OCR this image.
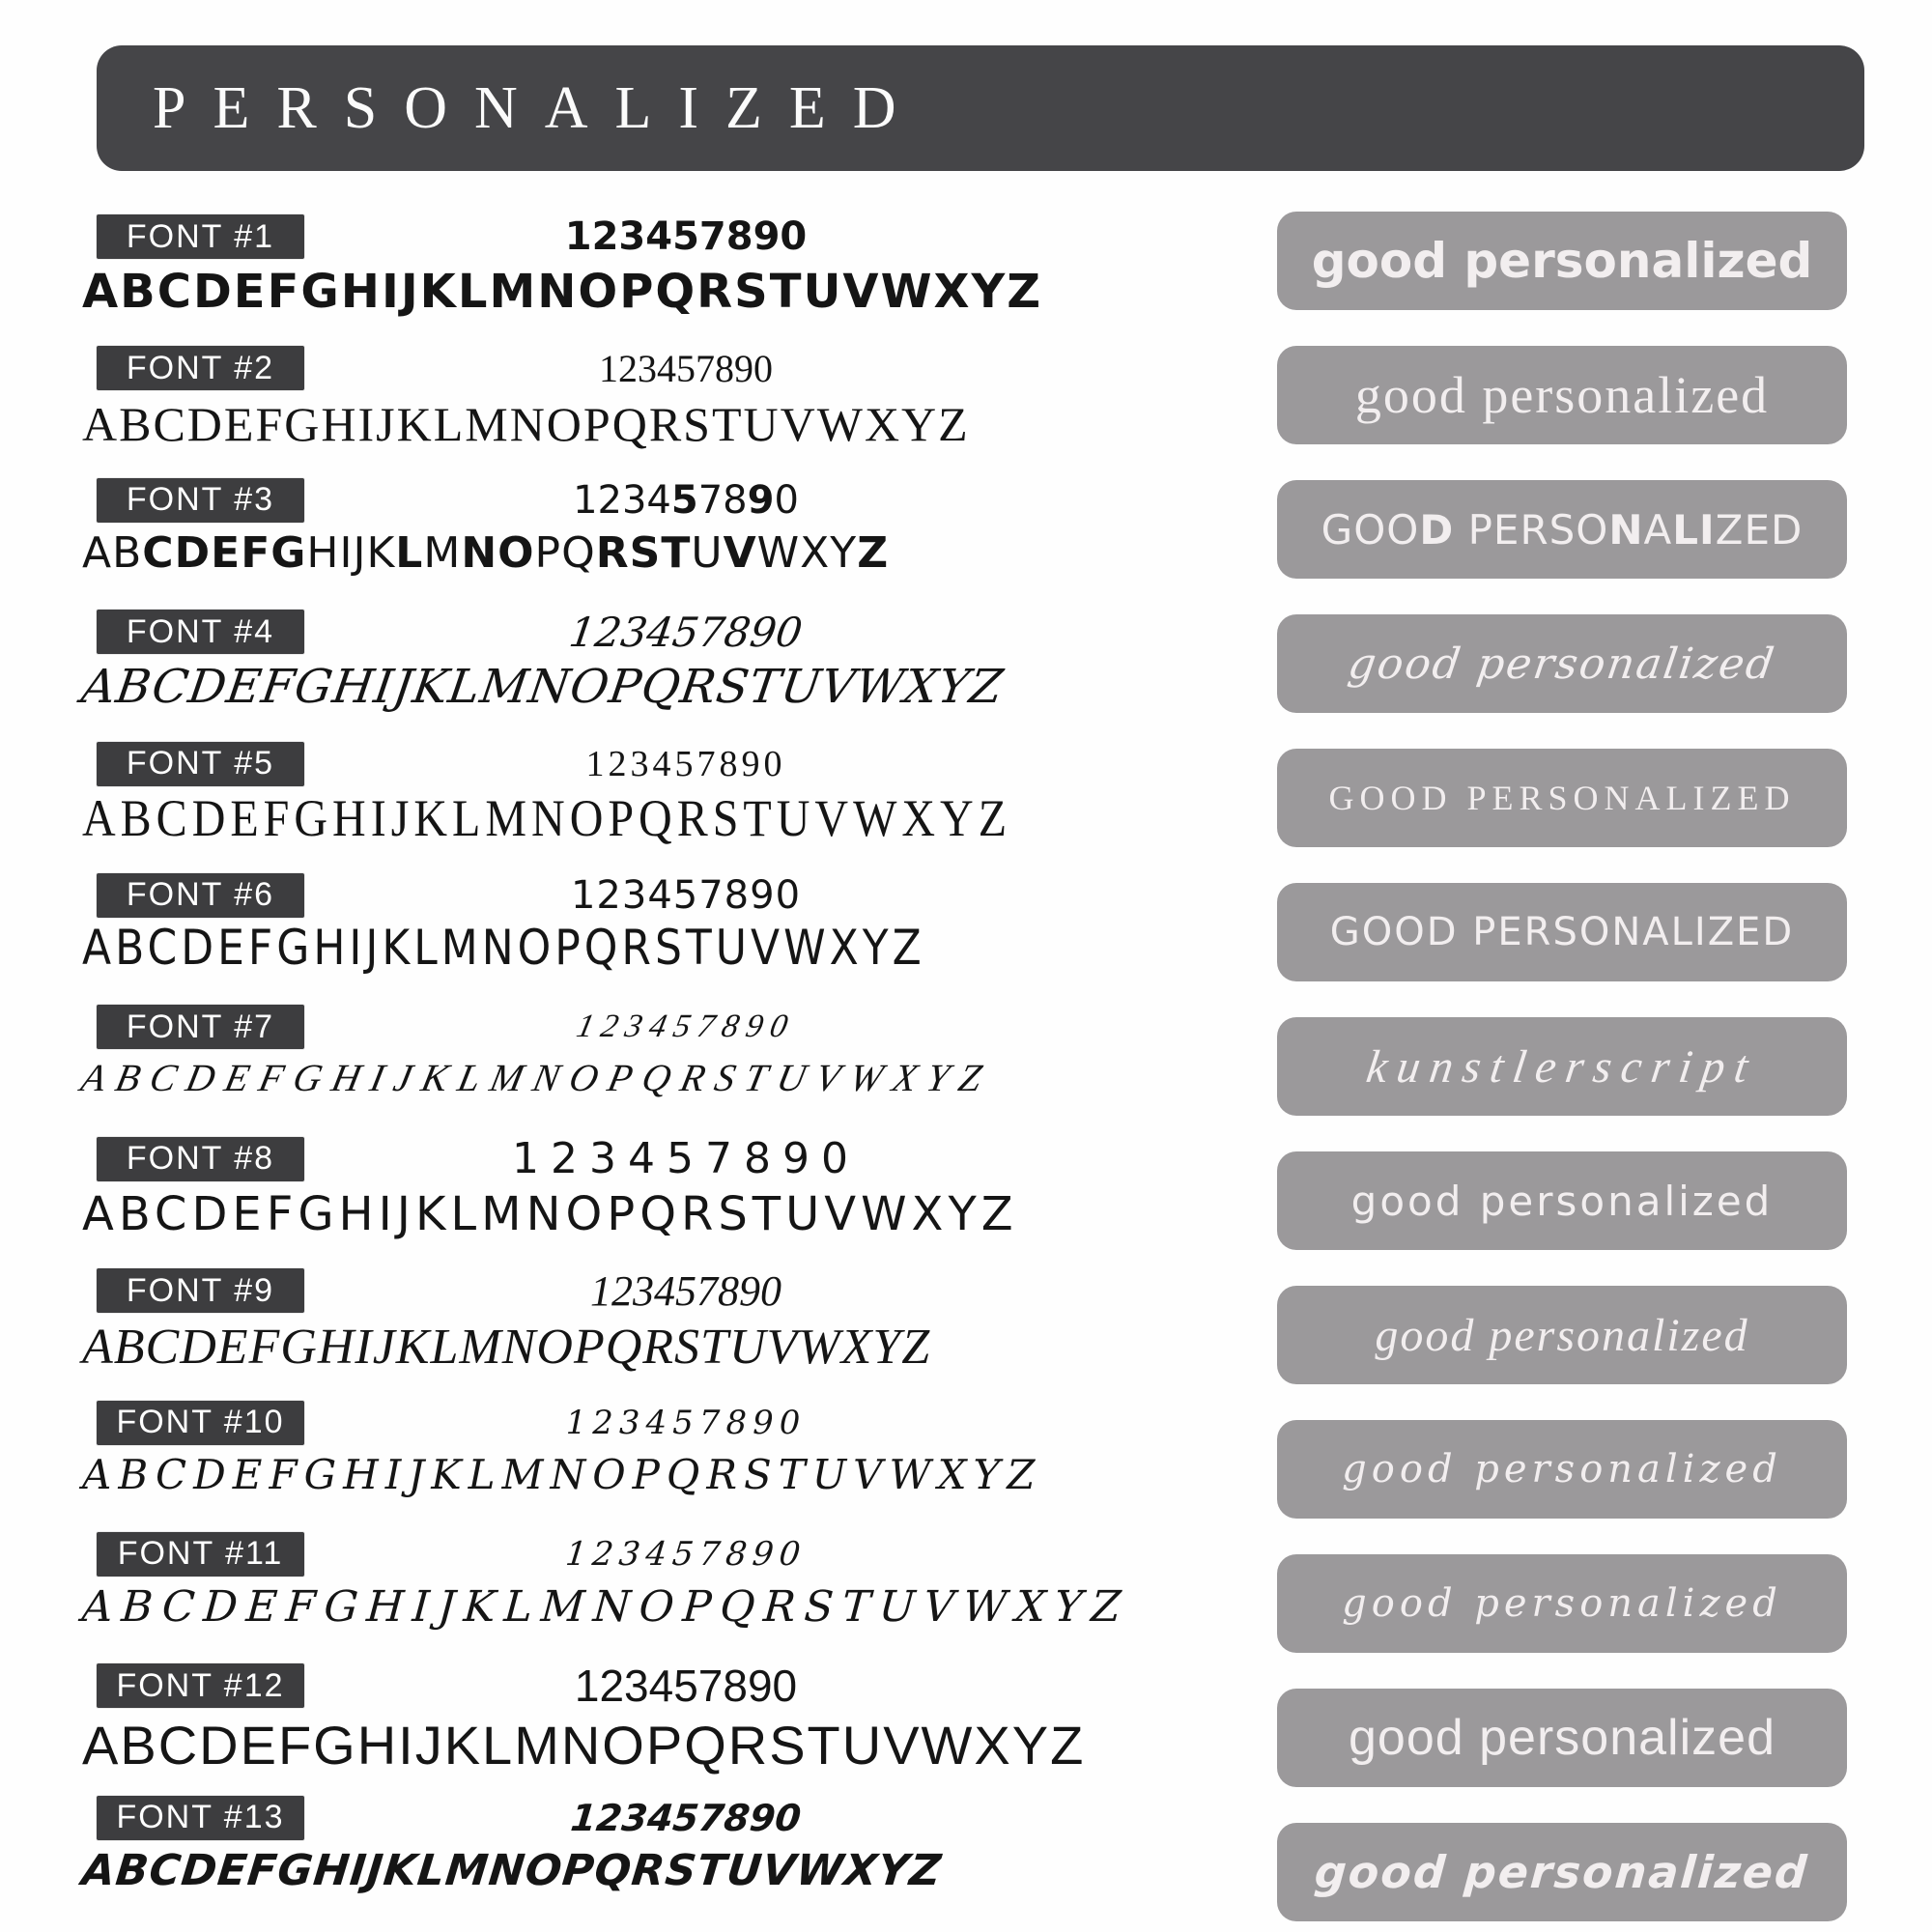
PERSONALIZED
FONT #1	123457890
ABCDEFGHIJKLMNOPQRSTUVWXYZ
FONT #2	123457890
ABCDEFGHIJKLMNOPQRSTUVWXYZ
FONT #3	1 2 3 4 5 7 8 9 0
ABCDEFGHIJKLMNOPQRSTUVWXYZ
FONT #4	123457890
ABCDEFGHIJKLMNOPQRSTUVWXYZ
FONT #5	123457890
ABCDEFGHIJKLMNOPQRSTUVWXYZ
FONT #6	123457890
ABCDEFGHIJKLMNOPQRSTUVWXYZ
FONT #7	123457890
ABCDEFGHIJKLMNOPQRSTUVWXYZ
FONT #8	123457890
ABCDEFGHIJKLMNOPQRSTUVWXYZ
FONT #9	123457890
ABCDEFGHIJKLMNOPQRSTUVWXYZ
FONT #10	123457890
ABCDEFGHIJKLMNOPQRSTUVWXYZ
FONT #11	123457890
ABCDEFGHIJKLMNOPQRSTUVWXYZ
FONT #12	123457890
ABCDEFGHIJKLMNOPQRSTUVWXYZ
FONT #13	123457890
ABCDEFGHIJKLMNOPQRSTUVWXYZ
good personalized
good personalized
GOOD PERSONALIZED
good personalized
GOOD PERSONALIZED
GOOD PERSONALIZED
kunstlerscript
good personalized
good personalized
good personalized
good personalized
good personalized
good personalized
